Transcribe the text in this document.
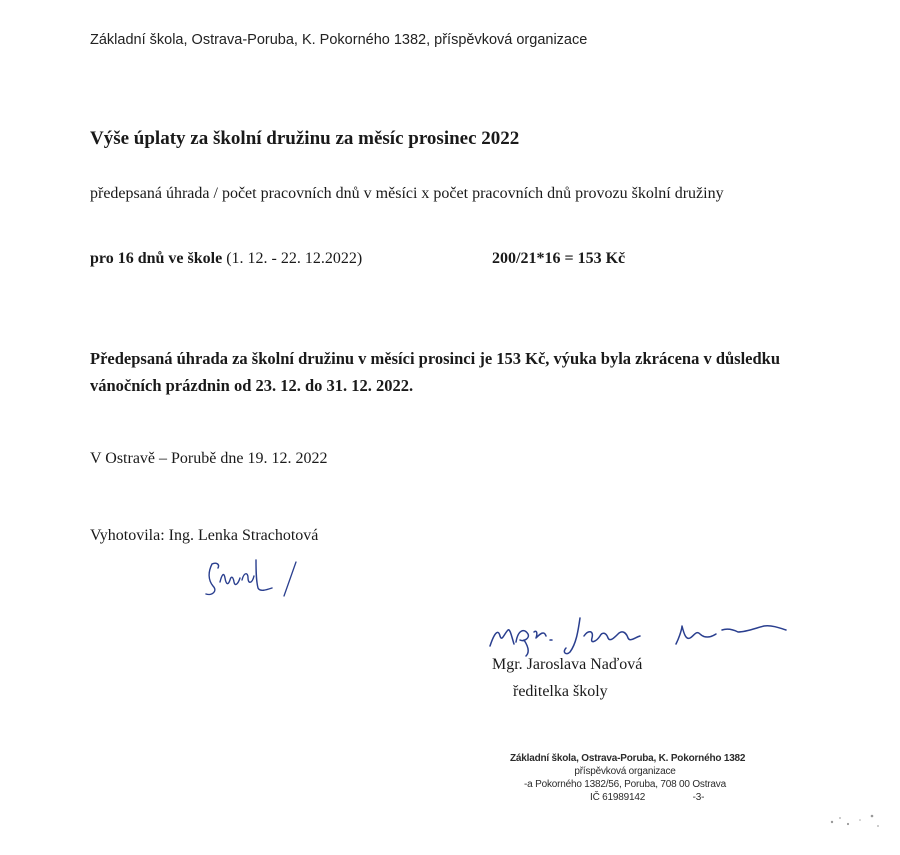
Základní škola, Ostrava-Poruba, K. Pokorného 1382, příspěvková organizace
Výše úplaty za školní družinu za měsíc prosinec 2022
předepsaná úhrada / počet pracovních dnů v měsíci x počet pracovních dnů provozu školní družiny
pro 16 dnů ve škole (1. 12. - 22. 12.2022)	200/21*16 = 153 Kč
Předepsaná úhrada za školní družinu v měsíci prosinci je 153 Kč, výuka byla zkrácena v důsledku vánočních prázdnin od 23. 12. do 31. 12. 2022.
V Ostravě – Porubě dne 19. 12. 2022
Vyhotovila: Ing. Lenka Strachotová
Mgr. Jaroslava Naďová
ředitelka školy
Základní škola, Ostrava-Poruba, K. Pokorného 1382
příspěvková organizace
-a Pokorného 1382/56, Poruba, 708 00 Ostrava
IČ 61989142	-3-
